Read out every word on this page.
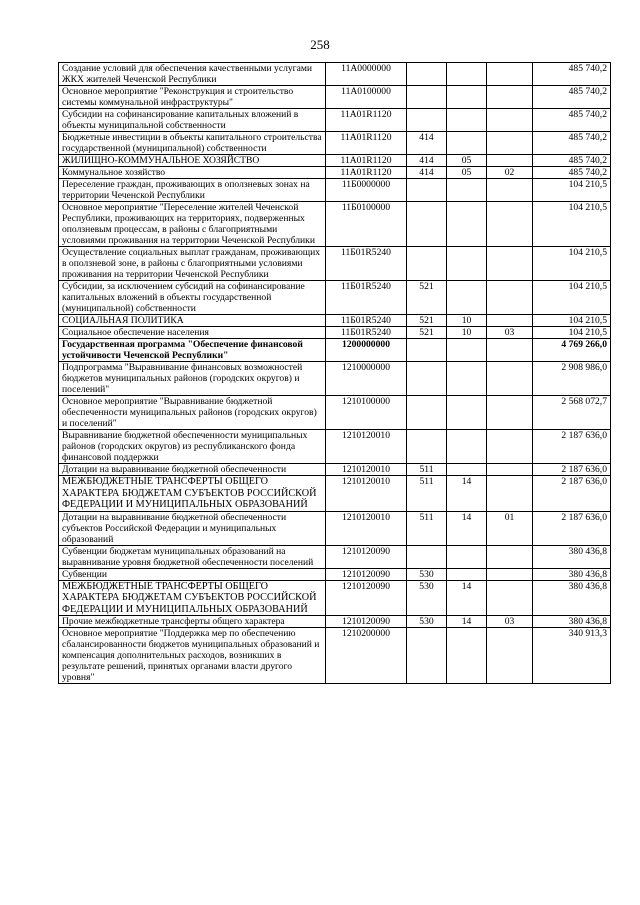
258
Создание условий для обеспечения качественными услугами ЖКХ жителей Чеченской Республики	11А0000000				485 740,2
Основное мероприятие "Реконструкция и строительство системы коммунальной инфраструктуры"	11А0100000				485 740,2
Субсидии на софинансирование капитальных вложений в объекты муниципальной собственности	11А01R1120				485 740,2
Бюджетные инвестиции в объекты капитального строительства государственной (муниципальной) собственности	11А01R1120	414			485 740,2
ЖИЛИЩНО-КОММУНАЛЬНОЕ ХОЗЯЙСТВО	11А01R1120	414	05		485 740,2
Коммунальное хозяйство	11А01R1120	414	05	02	485 740,2
Переселение граждан, проживающих в оползневых зонах на территории Чеченской Республики	11Б0000000				104 210,5
Основное мероприятие "Переселение жителей Чеченской Республики, проживающих на территориях, подверженных оползневым процессам, в районы с благоприятными условиями проживания на территории Чеченской Республики	11Б0100000				104 210,5
Осуществление социальных выплат гражданам, проживающих в оползневой зоне, в районы с благоприятными условиями проживания на территории Чеченской Республики	11Б01R5240				104 210,5
Субсидии, за исключением субсидий на софинансирование капитальных вложений в объекты государственной (муниципальной) собственности	11Б01R5240	521			104 210,5
СОЦИАЛЬНАЯ ПОЛИТИКА	11Б01R5240	521	10		104 210,5
Социальное обеспечение населения	11Б01R5240	521	10	03	104 210,5
Государственная программа "Обеспечение финансовой устойчивости Чеченской Республики"	1200000000				4 769 266,0
Подпрограмма "Выравнивание финансовых возможностей бюджетов муниципальных районов (городских округов) и поселений"	1210000000				2 908 986,0
Основное мероприятие "Выравнивание бюджетной обеспеченности муниципальных районов (городских округов) и поселений"	1210100000				2 568 072,7
Выравнивание бюджетной обеспеченности муниципальных районов (городских округов) из республиканского фонда финансовой поддержки	1210120010				2 187 636,0
Дотации на выравнивание бюджетной обеспеченности	1210120010	511			2 187 636,0
МЕЖБЮДЖЕТНЫЕ ТРАНСФЕРТЫ ОБЩЕГО ХАРАКТЕРА БЮДЖЕТАМ СУБЪЕКТОВ РОССИЙСКОЙ ФЕДЕРАЦИИ И МУНИЦИПАЛЬНЫХ ОБРАЗОВАНИЙ	1210120010	511	14		2 187 636,0
Дотации на выравнивание бюджетной обеспеченности субъектов Российской Федерации и муниципальных образований	1210120010	511	14	01	2 187 636,0
Субвенции бюджетам муниципальных образований на выравнивание уровня бюджетной обеспеченности поселений	1210120090				380 436,8
Субвенции	1210120090	530			380 436,8
МЕЖБЮДЖЕТНЫЕ ТРАНСФЕРТЫ ОБЩЕГО ХАРАКТЕРА БЮДЖЕТАМ СУБЪЕКТОВ РОССИЙСКОЙ ФЕДЕРАЦИИ И МУНИЦИПАЛЬНЫХ ОБРАЗОВАНИЙ	1210120090	530	14		380 436,8
Прочие межбюджетные трансферты общего характера	1210120090	530	14	03	380 436,8
Основное мероприятие "Поддержка мер по обеспечению сбалансированности бюджетов муниципальных образований и компенсация дополнительных расходов, возникших в результате решений, принятых органами власти другого уровня"	1210200000				340 913,3
